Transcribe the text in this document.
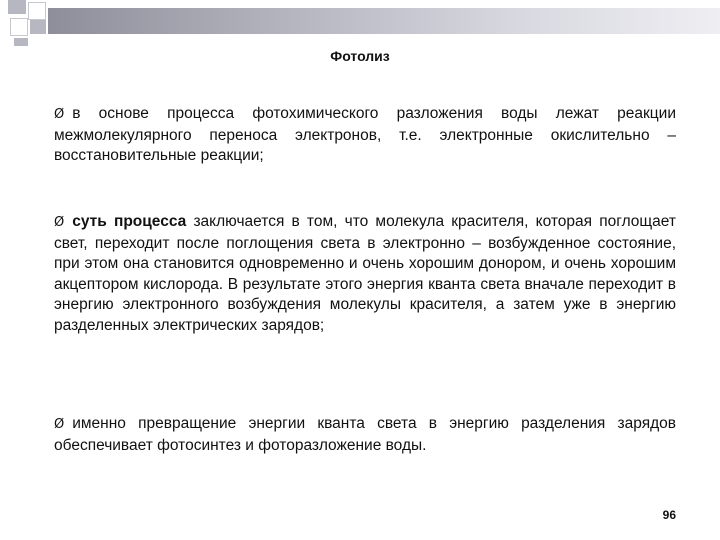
Фотолиз
Ø в основе процесса фотохимического разложения воды лежат реакции межмолекулярного переноса электронов, т.е. электронные окислительно – восстановительные реакции;
Ø суть процесса заключается в том, что молекула красителя, которая поглощает свет, переходит после поглощения света в электронно – возбужденное состояние, при этом она становится одновременно и очень хорошим донором, и очень хорошим акцептором кислорода. В результате этого энергия кванта света вначале переходит в энергию электронного возбуждения молекулы красителя, а затем уже в энергию разделенных электрических зарядов;
Ø именно превращение энергии кванта света в энергию разделения зарядов обеспечивает фотосинтез и фоторазложение воды.
96
